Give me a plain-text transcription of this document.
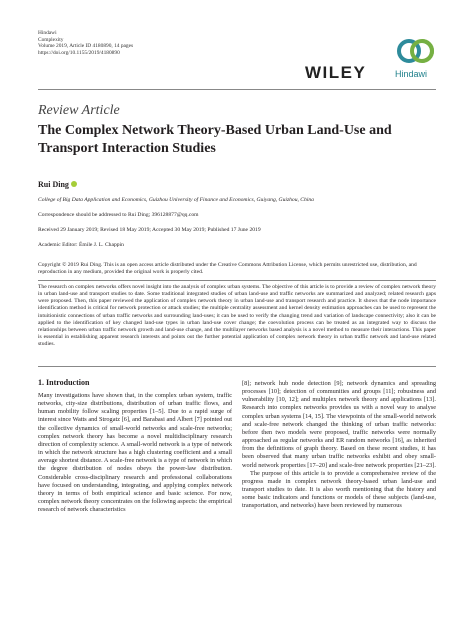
Hindawi
Complexity
Volume 2019, Article ID 4180890, 14 pages
https://doi.org/10.1155/2019/4180890
WILEY	Hindawi
Review Article
The Complex Network Theory-Based Urban Land-Use and Transport Interaction Studies
Rui Ding
College of Big Data Application and Economics, Guizhou University of Finance and Economics, Guiyang, Guizhou, China
Correspondence should be addressed to Rui Ding; 396128877@qq.com
Received 29 January 2019; Revised 18 May 2019; Accepted 30 May 2019; Published 17 June 2019
Academic Editor: Émile J. L. Chappin
Copyright © 2019 Rui Ding. This is an open access article distributed under the Creative Commons Attribution License, which permits unrestricted use, distribution, and reproduction in any medium, provided the original work is properly cited.
The research on complex networks offers novel insight into the analysis of complex urban systems. The objective of this article is to provide a review of complex network theory in urban land-use and transport studies to date. Some traditional integrated studies of urban land-use and traffic networks are summarized and analyzed; related research gaps were proposed. Then, this paper reviewed the application of complex network theory in urban land-use and transport research and practice. It shows that the node importance identification method is critical for network protection or attack studies; the multiple centrality assessment and kernel density estimation approaches can be used to represent the intuitionistic connections of urban traffic networks and surrounding land-uses; it can be used to verify the changing trend and variation of landscape connectivity; also it can be applied to the identification of key changed land-use types in urban land-use cover change; the coevolution process can be treated as an integrated way to discuss the relationships between urban traffic network growth and land-use change, and the multilayer networks based analysis is a novel method to measure their interactions. This paper is essential in establishing apparent research interests and points out the further potential application of complex network theory in urban traffic network and land-use related studies.
1. Introduction

Many investigations have shown that, in the complex urban system, traffic networks, city-size distributions, distribution of urban traffic flows, and human mobility follow scaling properties [1–5]. Due to a rapid surge of interest since Watts and Strogatz [6], and Barabasi and Albert [7] pointed out the collective dynamics of small-world networks and scale-free networks; complex network theory has become a novel multidisciplinary research direction of complexity science. A small-world network is a type of network in which the network structure has a high clustering coefficient and a small average shortest distance. A scale-free network is a type of network in which the degree distribution of nodes obeys the power-law distribution. Considerable cross-disciplinary research and professional collaborations have focused on understanding, integrating, and applying complex network theory in terms of both empirical science and basic science. For now, complex network theory concentrates on the following aspects: the empirical research of network characteristics

[8]; network hub node detection [9]; network dynamics and spreading processes [10]; detection of communities and groups [11]; robustness and vulnerability [10, 12]; and multiplex network theory and applications [13]. Research into complex networks provides us with a novel way to analyse complex urban systems [14, 15]. The viewpoints of the small-world network and scale-free network changed the thinking of urban traffic networks: before then two models were proposed, traffic networks were normally approached as regular networks and ER random networks [16], as inherited from the definitions of graph theory. Based on these recent studies, it has been observed that many urban traffic networks exhibit and obey small-world network properties [17–20] and scale-free network properties [21–23].

The purpose of this article is to provide a comprehensive review of the progress made in complex network theory-based urban land-use and transport studies to date. It is also worth mentioning that the history and some basic indicators and functions or models of these subjects (land-use, transportation, and networks) have been reviewed by numerous
